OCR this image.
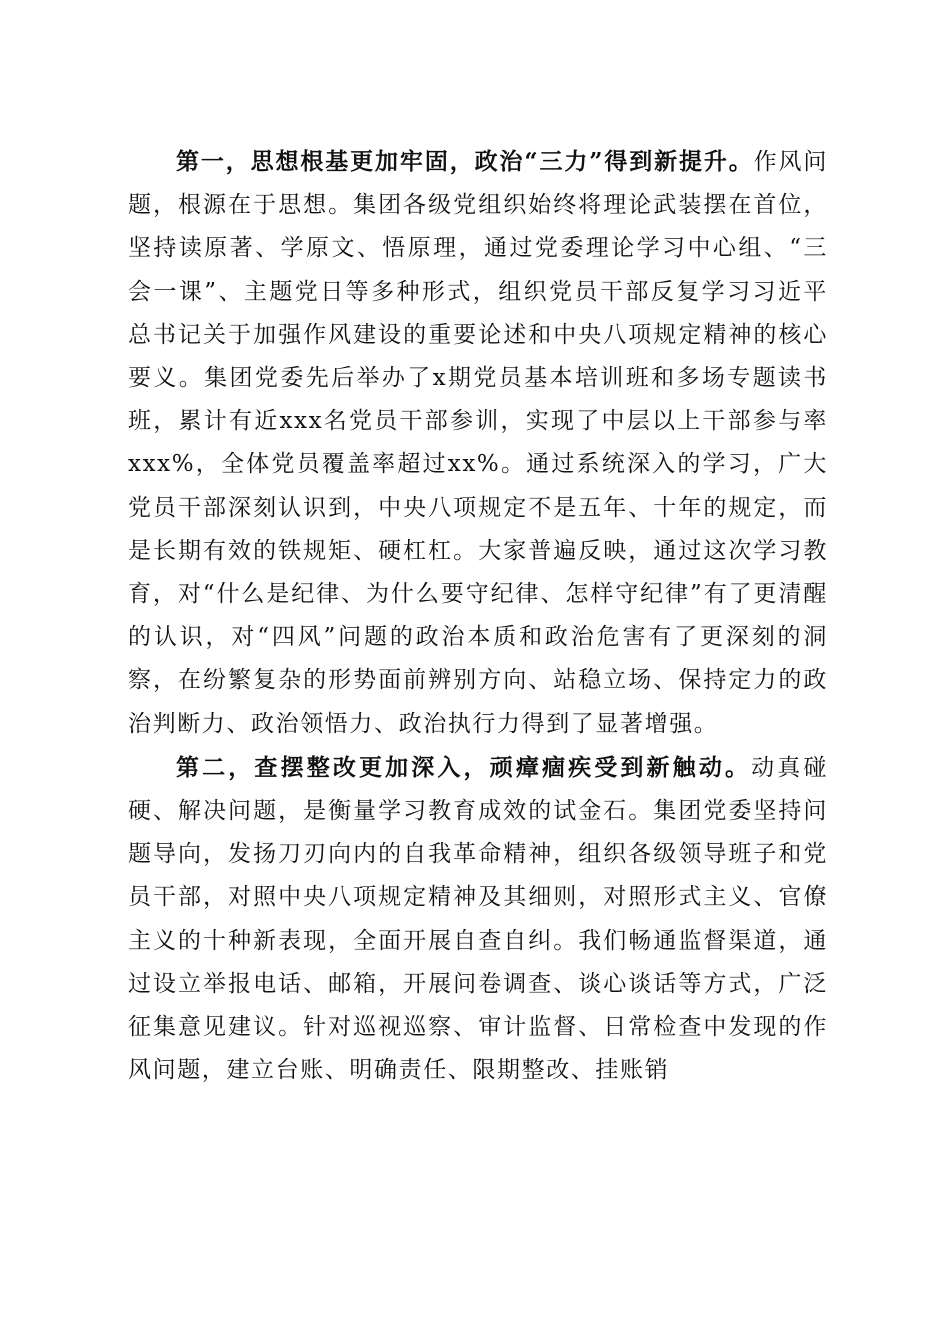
第一，思想根基更加牢固，政治“三力”得到新提升。作风问题，根源在于思想。集团各级党组织始终将理论武装摆在首位，坚持读原著、学原文、悟原理，通过党委理论学习中心组、“三会一课”、主题党日等多种形式，组织党员干部反复学习习近平总书记关于加强作风建设的重要论述和中央八项规定精神的核心要义。集团党委先后举办了x期党员基本培训班和多场专题读书班，累计有近xxx名党员干部参训，实现了中层以上干部参与率xxx%，全体党员覆盖率超过xx%。通过系统深入的学习，广大党员干部深刻认识到，中央八项规定不是五年、十年的规定，而是长期有效的铁规矩、硬杠杠。大家普遍反映，通过这次学习教育，对“什么是纪律、为什么要守纪律、怎样守纪律”有了更清醒的认识，对“四风”问题的政治本质和政治危害有了更深刻的洞察，在纷繁复杂的形势面前辨别方向、站稳立场、保持定力的政治判断力、政治领悟力、政治执行力得到了显著增强。

第二，查摆整改更加深入，顽瘴痼疾受到新触动。动真碰硬、解决问题，是衡量学习教育成效的试金石。集团党委坚持问题导向，发扬刀刃向内的自我革命精神，组织各级领导班子和党员干部，对照中央八项规定精神及其细则，对照形式主义、官僚主义的十种新表现，全面开展自查自纠。我们畅通监督渠道，通过设立举报电话、邮箱，开展问卷调查、谈心谈话等方式，广泛征集意见建议。针对巡视巡察、审计监督、日常检查中发现的作风问题，建立台账、明确责任、限期整改、挂账销
